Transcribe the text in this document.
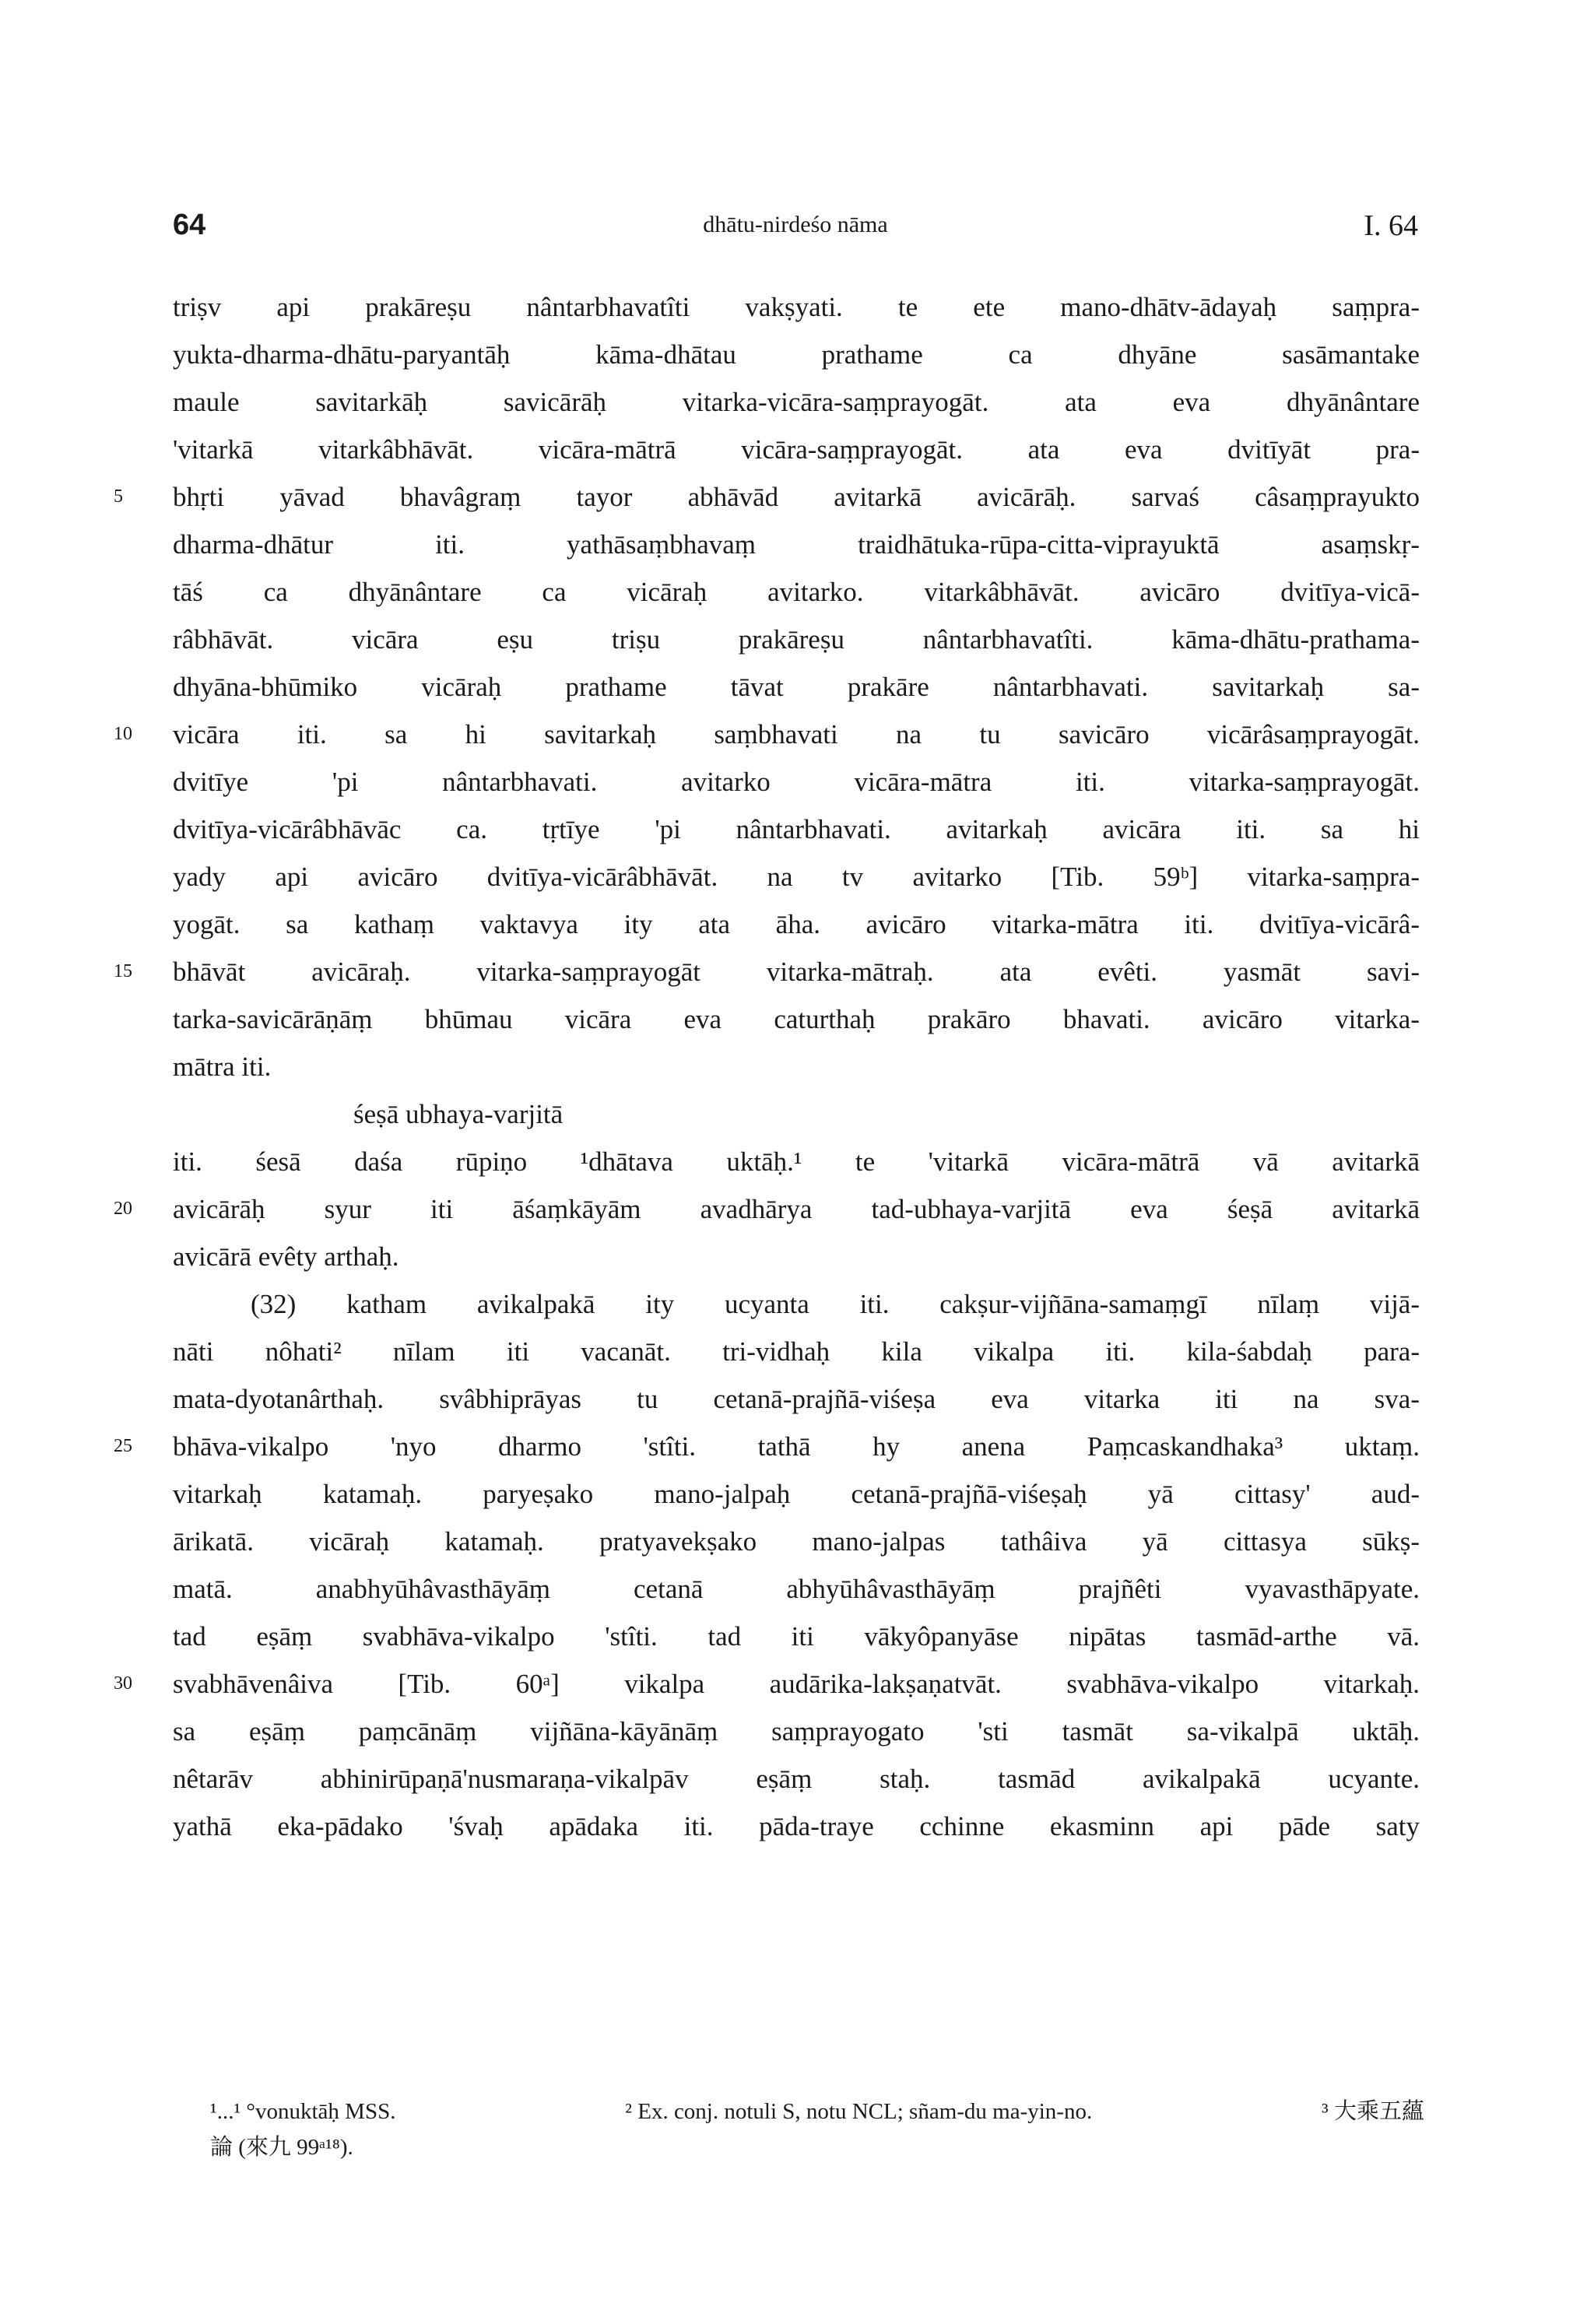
64	dhātu-nirdeśo nāma	I. 64
triṣv api prakāreṣu nântarbhavatîti vakṣyati. te ete mano-dhātv-ādayaḥ saṃpra-
yukta-dharma-dhātu-paryantāḥ kāma-dhātau prathame ca dhyāne sasāmantake
maule savitarkāḥ savicārāḥ vitarka-vicāra-saṃprayogāt. ata eva dhyānântare
'vitarkā vitarkâbhāvāt. vicāra-mātrā vicāra-saṃprayogāt. ata eva dvitīyāt pra-
bhṛti yāvad bhavâgraṃ tayor abhāvād avitarkā avicārāḥ. sarvaś câsaṃprayukto
dharma-dhātur iti. yathāsaṃbhavaṃ traidhātuka-rūpa-citta-viprayuktā asaṃskṛ-
tāś ca dhyānântare ca vicāraḥ avitarko. vitarkâbhāvāt. avicāro dvitīya-vicā-
râbhāvāt. vicāra eṣu triṣu prakāreṣu nântarbhavatîti. kāma-dhātu-prathama-
dhyāna-bhūmiko vicāraḥ prathame tāvat prakāre nântarbhavati. savitarkaḥ sa-
vicāra iti. sa hi savitarkaḥ saṃbhavati na tu savicāro vicārâsaṃprayogāt.
dvitīye 'pi nântarbhavati. avitarko vicāra-mātra iti. vitarka-saṃprayogāt.
dvitīya-vicārâbhāvāc ca. tṛtīye 'pi nântarbhavati. avitarkaḥ avicāra iti. sa hi
yady api avicāro dvitīya-vicārâbhāvāt. na tv avitarko [Tib. 59ᵇ] vitarka-saṃpra-
yogāt. sa kathaṃ vaktavya ity ata āha. avicāro vitarka-mātra iti. dvitīya-vicārâ-
bhāvāt avicāraḥ. vitarka-saṃprayogāt vitarka-mātraḥ. ata evêti. yasmāt savi-
tarka-savicārāṇāṃ bhūmau vicāra eva caturthaḥ prakāro bhavati. avicāro vitarka-
mātra iti.
śeṣā ubhaya-varjitā
iti. śesā daśa rūpiṇo ¹dhātava uktāḥ.¹ te 'vitarkā vicāra-mātrā vā avitarkā
avicārāḥ syur iti āśaṃkāyām avadhārya tad-ubhaya-varjitā eva śeṣā avitarkā
avicārā evêty arthaḥ.
(32) katham avikalpakā ity ucyanta iti. cakṣur-vijñāna-samaṃgī nīlaṃ vijā-
nāti nôhati² nīlam iti vacanāt. tri-vidhaḥ kila vikalpa iti. kila-śabdaḥ para-
mata-dyotanârthaḥ. svâbhiprāyas tu cetanā-prajñā-viśeṣa eva vitarka iti na sva-
bhāva-vikalpo 'nyo dharmo 'stîti. tathā hy anena Paṃcaskandhaka³ uktaṃ.
vitarkaḥ katamaḥ. paryeṣako mano-jalpaḥ cetanā-prajñā-viśeṣaḥ yā cittasy' aud-
ārikatā. vicāraḥ katamaḥ. pratyavekṣako mano-jalpas tathâiva yā cittasya sūkṣ-
matā. anabhyūhâvasthāyāṃ cetanā abhyūhâvasthāyāṃ prajñêti vyavasthāpyate.
tad eṣāṃ svabhāva-vikalpo 'stîti. tad iti vākyôpanyāse nipātas tasmād-arthe vā.
svabhāvenâiva [Tib. 60ᵃ] vikalpa audārika-lakṣaṇatvāt. svabhāva-vikalpo vitarkaḥ.
sa eṣāṃ paṃcānāṃ vijñāna-kāyānāṃ saṃprayogato 'sti tasmāt sa-vikalpā uktāḥ.
nêtarāv abhinirūpaṇā'nusmaraṇa-vikalpāv eṣāṃ staḥ. tasmād avikalpakā ucyante.
yathā eka-pādako 'śvaḥ apādaka iti. pāda-traye cchinne ekasminn api pāde saty
5
10
15
20
25
30
¹...¹ °vonuktāḥ MSS.	² Ex. conj. notuli S, notu NCL; sñam-du ma-yin-no.	³ 大乘五蘊
論 (來九 99ᵃ¹⁸).
